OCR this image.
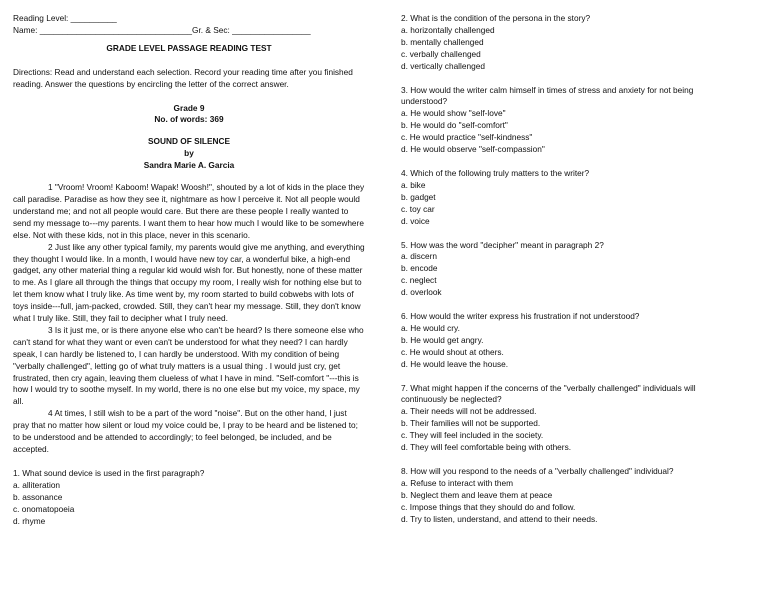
Reading Level: __________
Name: _________________________________Gr. & Sec: _________________
GRADE LEVEL PASSAGE READING TEST
Directions: Read and understand each selection. Record your reading time after you finished reading. Answer the questions by encircling the letter of the correct answer.
Grade 9
No. of words: 369
SOUND OF SILENCE
by
Sandra Marie A. Garcia
1 "Vroom! Vroom! Kaboom! Wapak! Woosh!", shouted by a lot of kids in the place they call paradise. Paradise as how they see it, nightmare as how I perceive it. Not all people would understand me; and not all people would care. But there are these people I really wanted to send my message to---my parents. I want them to hear how much I would like to be somewhere else. Not with these kids, not in this place, never in this scenario.
2 Just like any other typical family, my parents would give me anything, and everything they thought I would like. In a month, I would have new toy car, a wonderful bike, a high-end gadget, any other material thing a regular kid would wish for. But honestly, none of these matter to me. As I glare all through the things that occupy my room, I really wish for nothing else but to let them know what I truly like. As time went by, my room started to build cobwebs with lots of toys inside---full, jam-packed, crowded. Still, they can't hear my message. Still, they don't know what I truly like. Still, they fail to decipher what I truly need.
3 Is it just me, or is there anyone else who can't be heard? Is there someone else who can't stand for what they want or even can't be understood for what they need? I can hardly speak, I can hardly be listened to, I can hardly be understood. With my condition of being "verbally challenged", letting go of what truly matters is a usual thing . I would just cry, get frustrated, then cry again, leaving them clueless of what I have in mind. "Self-comfort "---this is how I would try to soothe myself. In my world, there is no one else but my voice, my space, my all.
4 At times, I still wish to be a part of the word "noise". But on the other hand, I just pray that no matter how silent or loud my voice could be, I pray to be heard and be listened to; to be understood and be attended to accordingly; to feel belonged, be included, and be accepted.
1. What sound device is used in the first paragraph?
a. alliteration
b. assonance
c. onomatopoeia
d. rhyme
2. What is the condition of the persona in the story?
a. horizontally challenged
b. mentally challenged
c. verbally challenged
d. vertically challenged
3. How would the writer calm himself in times of stress and anxiety for not being understood?
a. He would show "self-love"
b. He would do "self-comfort"
c. He would practice "self-kindness"
d. He would observe "self-compassion"
4. Which of the following truly matters to the writer?
a. bike
b. gadget
c. toy car
d. voice
5. How was the word "decipher" meant in paragraph 2?
a. discern
b. encode
c. neglect
d. overlook
6. How would the writer express his frustration if not understood?
a. He would cry.
b. He would get angry.
c. He would shout at others.
d. He would leave the house.
7. What might happen if the concerns of the "verbally challenged" individuals will continuously be neglected?
a. Their needs will not be addressed.
b. Their families will not be supported.
c. They will feel included in the society.
d. They will feel comfortable being with others.
8. How will you respond to the needs of a "verbally challenged" individual?
a. Refuse to interact with them
b. Neglect them and leave them at peace
c. Impose things that they should do and follow.
d. Try to listen, understand, and attend to their needs.
